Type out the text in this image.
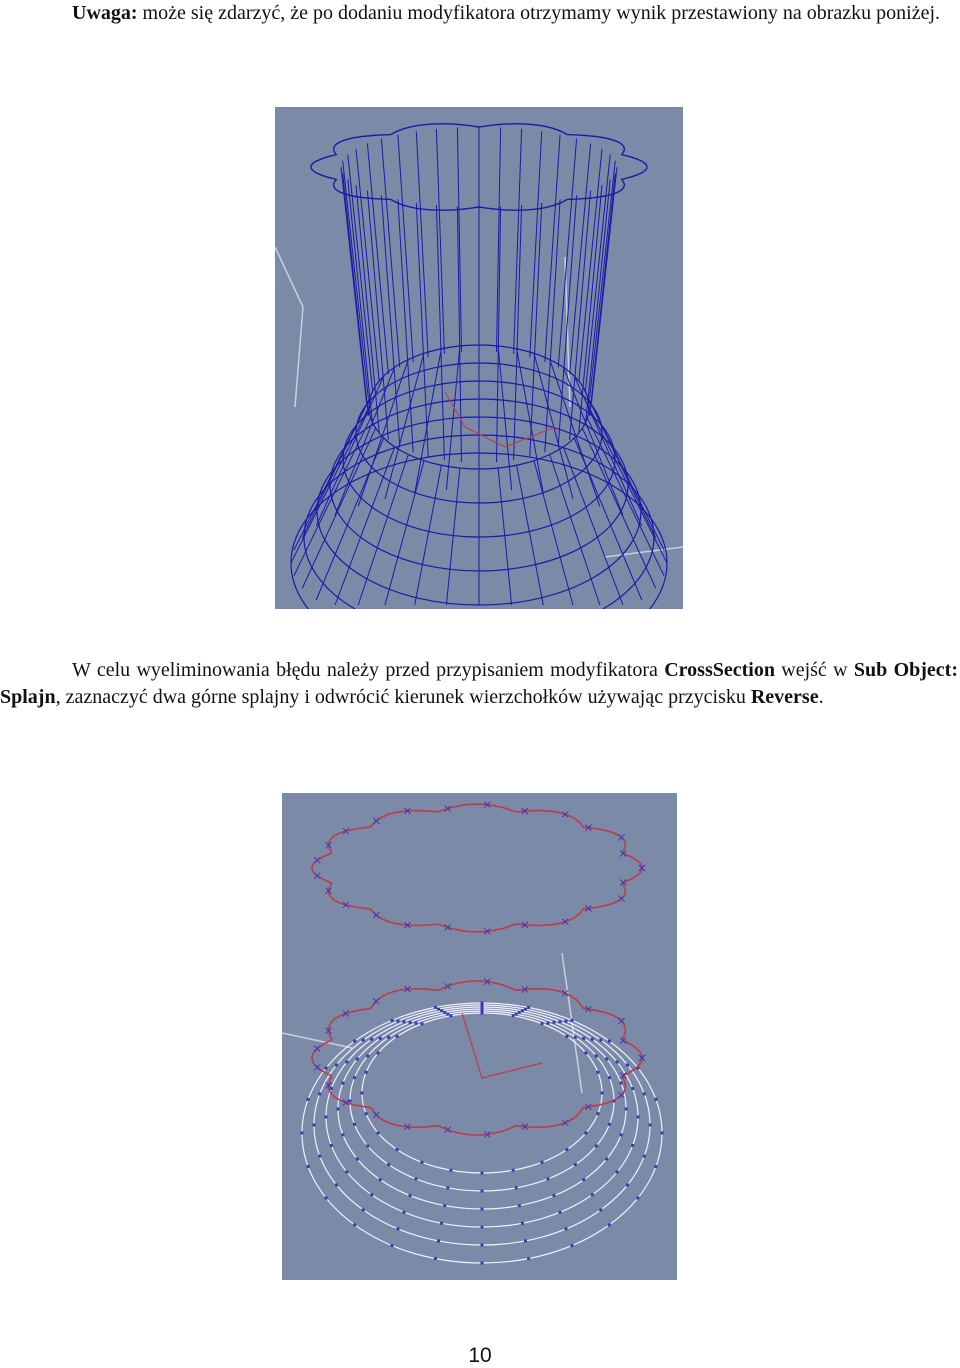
Uwaga: może się zdarzyć, że po dodaniu modyfikatora otrzymamy wynik przestawiony na obrazku poniżej.
W celu wyeliminowania błędu należy przed przypisaniem modyfikatora CrossSection wejść w Sub Object: Splajn, zaznaczyć dwa górne splajny i odwrócić kierunek wierzchołków używając przycisku Reverse.
10
